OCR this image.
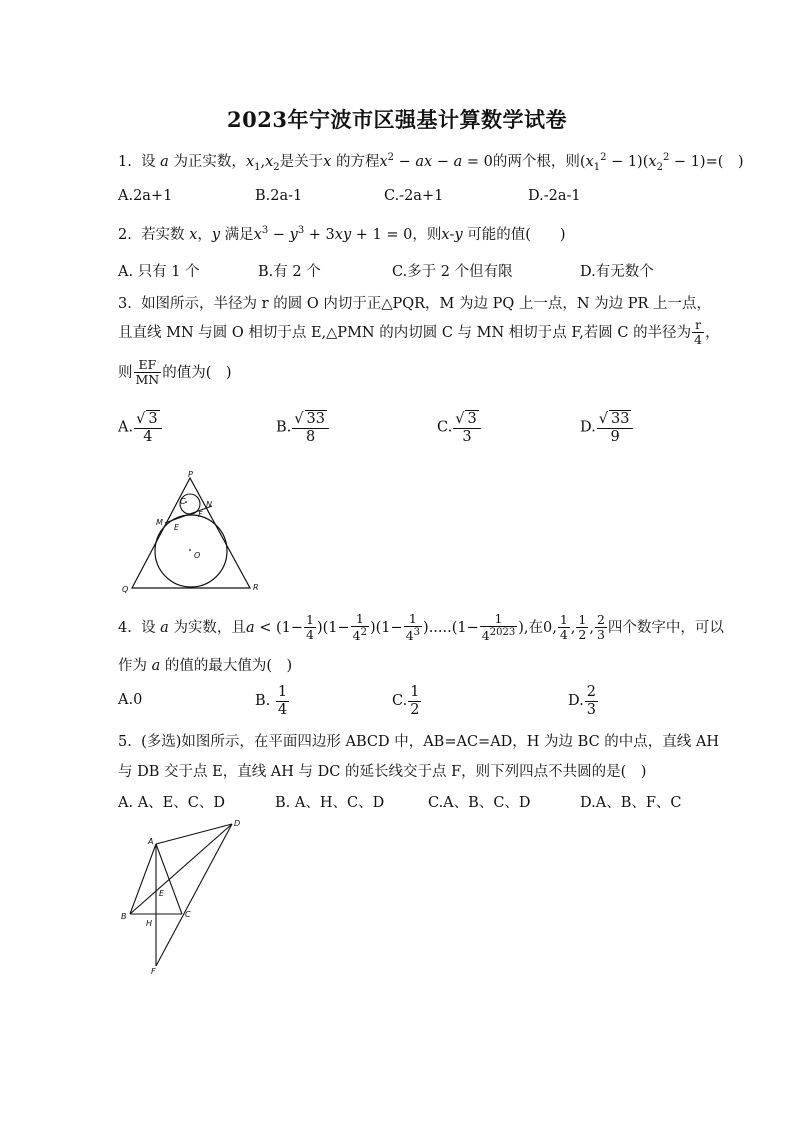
2023年宁波市区强基计算数学试卷
1. 设 a 为正实数，$x_1,x_2$是关于x 的方程$x^2$ − ax − a = 0的两个根，则$(x_1^2 - 1)(x_2^2 - 1)=$(　)
A.2a+1	B.2a-1	C.-2a+1	D.-2a-1
2. 若实数 x，y 满足$x^3 - y^3 + 3xy + 1 = 0$，则x-y 可能的值(　　)
A. 只有 1 个	B.有 2 个	C.多于 2 个但有限	D.有无数个
3. 如图所示，半径为 r 的圆 O 内切于正△PQR，M 为边 PQ 上一点，N 为边 PR 上一点，
且直线 MN 与圆 O 相切于点 E,△PMN 的内切圆 C 与 MN 相切于点 F,若圆 C 的半径为 $\frac{r}{4}$ ，
则 $\frac{EF}{MN}$ 的值为(　)
A. $\frac{√ 3}{4}$	B. $\frac{√ 33}{8}$	C. $\frac{√ 3}{3}$	D. $\frac{√ 33}{9}$
P
Q	R
M
N
E
F
C
O
4. 设 a 为实数，且$a < (1- \frac{1}{4} )(1- \frac{1}{4^2} )(1- \frac{1}{4^3} ).....(1- \frac{1}{4^{2023}}$ ),在0, $\frac{1}{4}$ , $\frac{1}{2}$ , $\frac{2}{3}$ 四个数字中，可以
作为 a 的值的最大值为(　)
A.0	B. $\frac{1}{4}$	C. $\frac{1}{2}$	D. $\frac{2}{3}$
5. (多选)如图所示，在平面四边形 ABCD 中，AB=AC=AD，H 为边 BC 的中点，直线 AH
与 DB 交于点 E，直线 AH 与 DC 的延长线交于点 F，则下列四点不共圆的是(　)
A. A、E、C、D	B. A、H、C、D	C.A、B、C、D	D.A、B、F、C
A
D
B	C
E
H
F
